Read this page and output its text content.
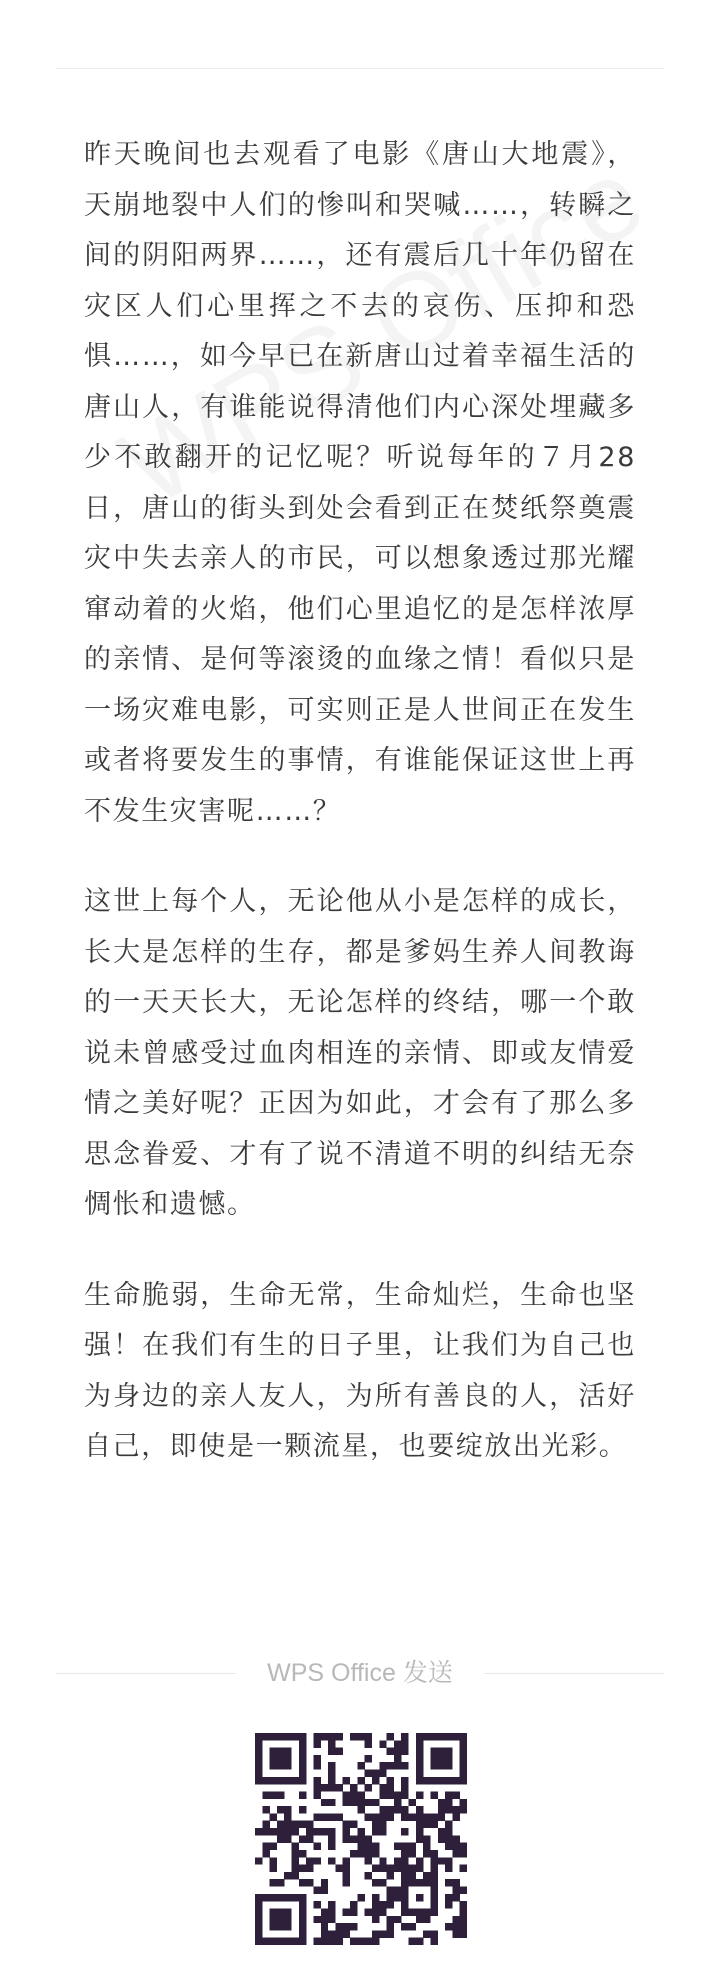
昨天晚间也去观看了电影《唐山大地震》，天崩地裂中人们的惨叫和哭喊……，转瞬之间的阴阳两界……，还有震后几十年仍留在灾区人们心里挥之不去的哀伤、压抑和恐惧……，如今早已在新唐山过着幸福生活的唐山人，有谁能说得清他们内心深处埋藏多少不敢翻开的记忆呢？听说每年的７月28日，唐山的街头到处会看到正在焚纸祭奠震灾中失去亲人的市民，可以想象透过那光耀窜动着的火焰，他们心里追忆的是怎样浓厚的亲情、是何等滚烫的血缘之情！看似只是一场灾难电影，可实则正是人世间正在发生或者将要发生的事情，有谁能保证这世上再不发生灾害呢……？

这世上每个人，无论他从小是怎样的成长，长大是怎样的生存，都是爹妈生养人间教诲的一天天长大，无论怎样的终结，哪一个敢说未曾感受过血肉相连的亲情、即或友情爱情之美好呢？正因为如此，才会有了那么多思念眷爱、才有了说不清道不明的纠结无奈惆怅和遗憾。

生命脆弱，生命无常，生命灿烂，生命也坚强！在我们有生的日子里，让我们为自己也为身边的亲人友人，为所有善良的人，活好自己，即使是一颗流星，也要绽放出光彩。

WPS Office 发送
